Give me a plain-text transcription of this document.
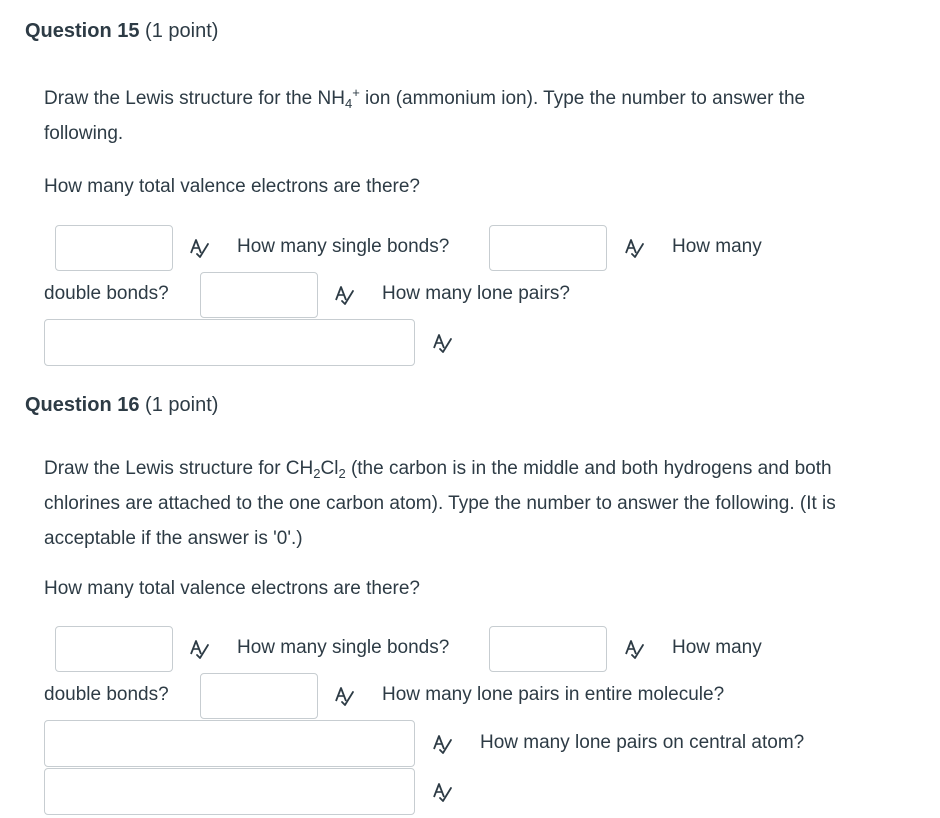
Question 15 (1 point)
Draw the Lewis structure for the $NH_4^+$ ion (ammonium ion). Type the number to answer the following.
How many total valence electrons are there?
How many single bonds?	How many
double bonds?	How many lone pairs?
Question 16 (1 point)
Draw the Lewis structure for $CH_2Cl_2$ (the carbon is in the middle and both hydrogens and both chlorines are attached to the one carbon atom). Type the number to answer the following. (It is acceptable if the answer is '0'.)
How many total valence electrons are there?
How many single bonds?	How many
double bonds?	How many lone pairs in entire molecule?
How many lone pairs on central atom?
